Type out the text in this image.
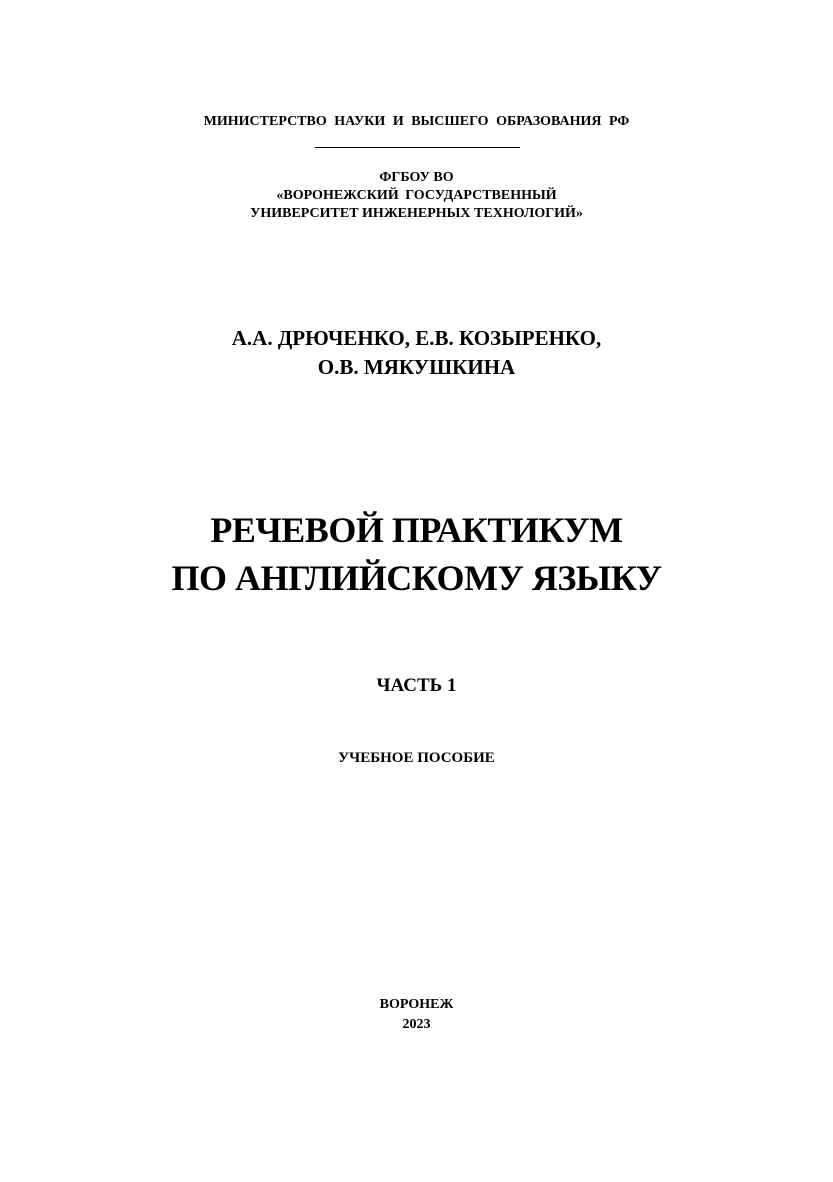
МИНИСТЕРСТВО НАУКИ И ВЫСШЕГО ОБРАЗОВАНИЯ РФ
ФГБОУ ВО
«ВОРОНЕЖСКИЙ ГОСУДАРСТВЕННЫЙ
УНИВЕРСИТЕТ ИНЖЕНЕРНЫХ ТЕХНОЛОГИЙ»
А.А. ДРЮЧЕНКО, Е.В. КОЗЫРЕНКО,
О.В. МЯКУШКИНА
РЕЧЕВОЙ ПРАКТИКУМ
ПО АНГЛИЙСКОМУ ЯЗЫКУ
ЧАСТЬ 1
УЧЕБНОЕ ПОСОБИЕ
ВОРОНЕЖ
2023
